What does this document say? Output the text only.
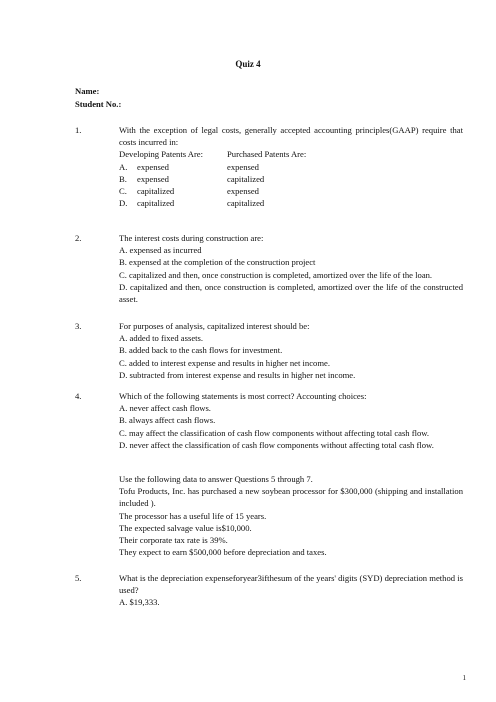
Quiz 4
Name:
Student No.:
1.	With the exception of legal costs, generally accepted accounting principles(GAAP) require that costs incurred in:
Developing Patents Are:	Purchased Patents Are:
A.	expensed	expensed
B.	expensed	capitalized
C.	capitalized	expensed
D.	capitalized	capitalized
2.	The interest costs during construction are:
A. expensed as incurred
B. expensed at the completion of the construction project
C. capitalized and then, once construction is completed, amortized over the life of the loan.
D. capitalized and then, once construction is completed, amortized over the life of the constructed asset.
3.	For purposes of analysis, capitalized interest should be:
A. added to fixed assets.
B. added back to the cash flows for investment.
C. added to interest expense and results in higher net income.
D. subtracted from interest expense and results in higher net income.
4.	Which of the following statements is most correct? Accounting choices:
A. never affect cash flows.
B. always affect cash flows.
C. may affect the classification of cash flow components without affecting total cash flow.
D. never affect the classification of cash flow components without affecting total cash flow.
Use the following data to answer Questions 5 through 7.
Tofu Products, Inc. has purchased a new soybean processor for $300,000 (shipping and installation included ).
The processor has a useful life of 15 years.
The expected salvage value is$10,000.
Their corporate tax rate is 39%.
They expect to earn $500,000 before depreciation and taxes.
5.	What is the depreciation expenseforyear3ifthesum of the years' digits (SYD) depreciation method is used?
A. $19,333.
1
